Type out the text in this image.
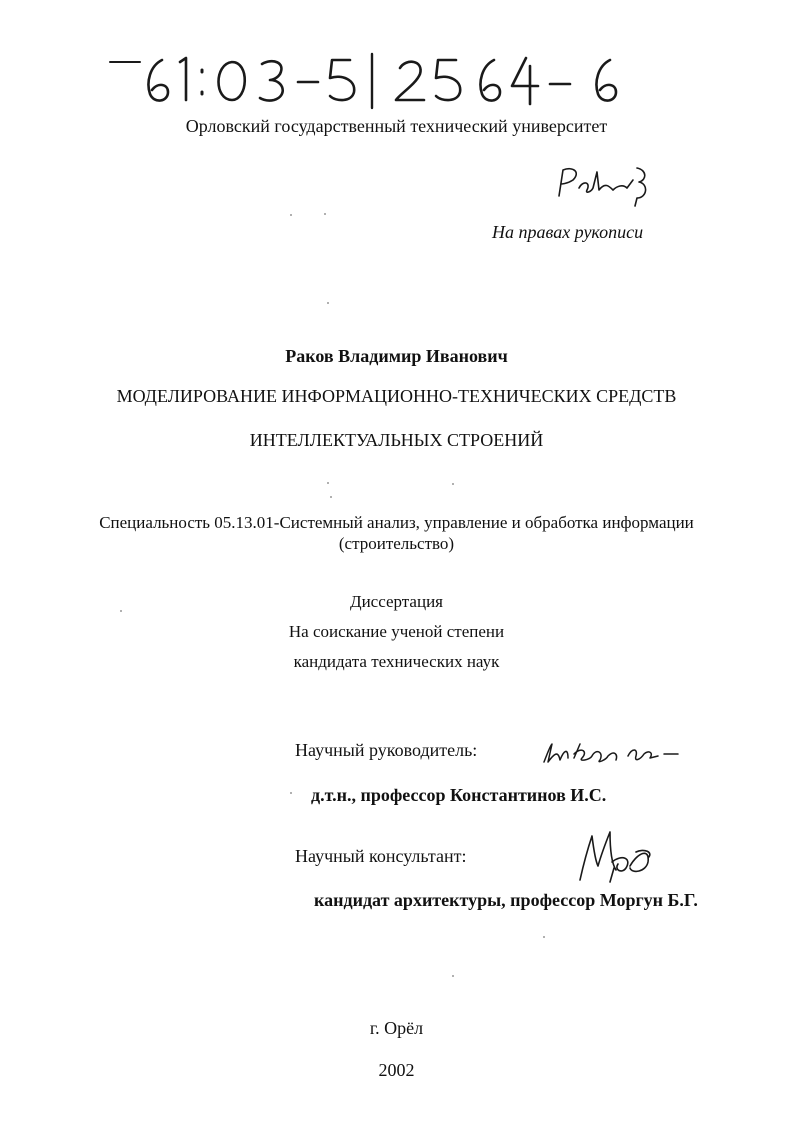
Орловский государственный технический университет
На правах рукописи
Раков Владимир Иванович
МОДЕЛИРОВАНИЕ ИНФОРМАЦИОННО-ТЕХНИЧЕСКИХ СРЕДСТВ
ИНТЕЛЛЕКТУАЛЬНЫХ СТРОЕНИЙ
Специальность 05.13.01-Системный анализ, управление и обработка информации
(строительство)
Диссертация
На соискание ученой степени
кандидата технических наук
Научный руководитель:
д.т.н., профессор Константинов И.С.
Научный консультант:
кандидат архитектуры, профессор Моргун Б.Г.
г. Орёл
2002
